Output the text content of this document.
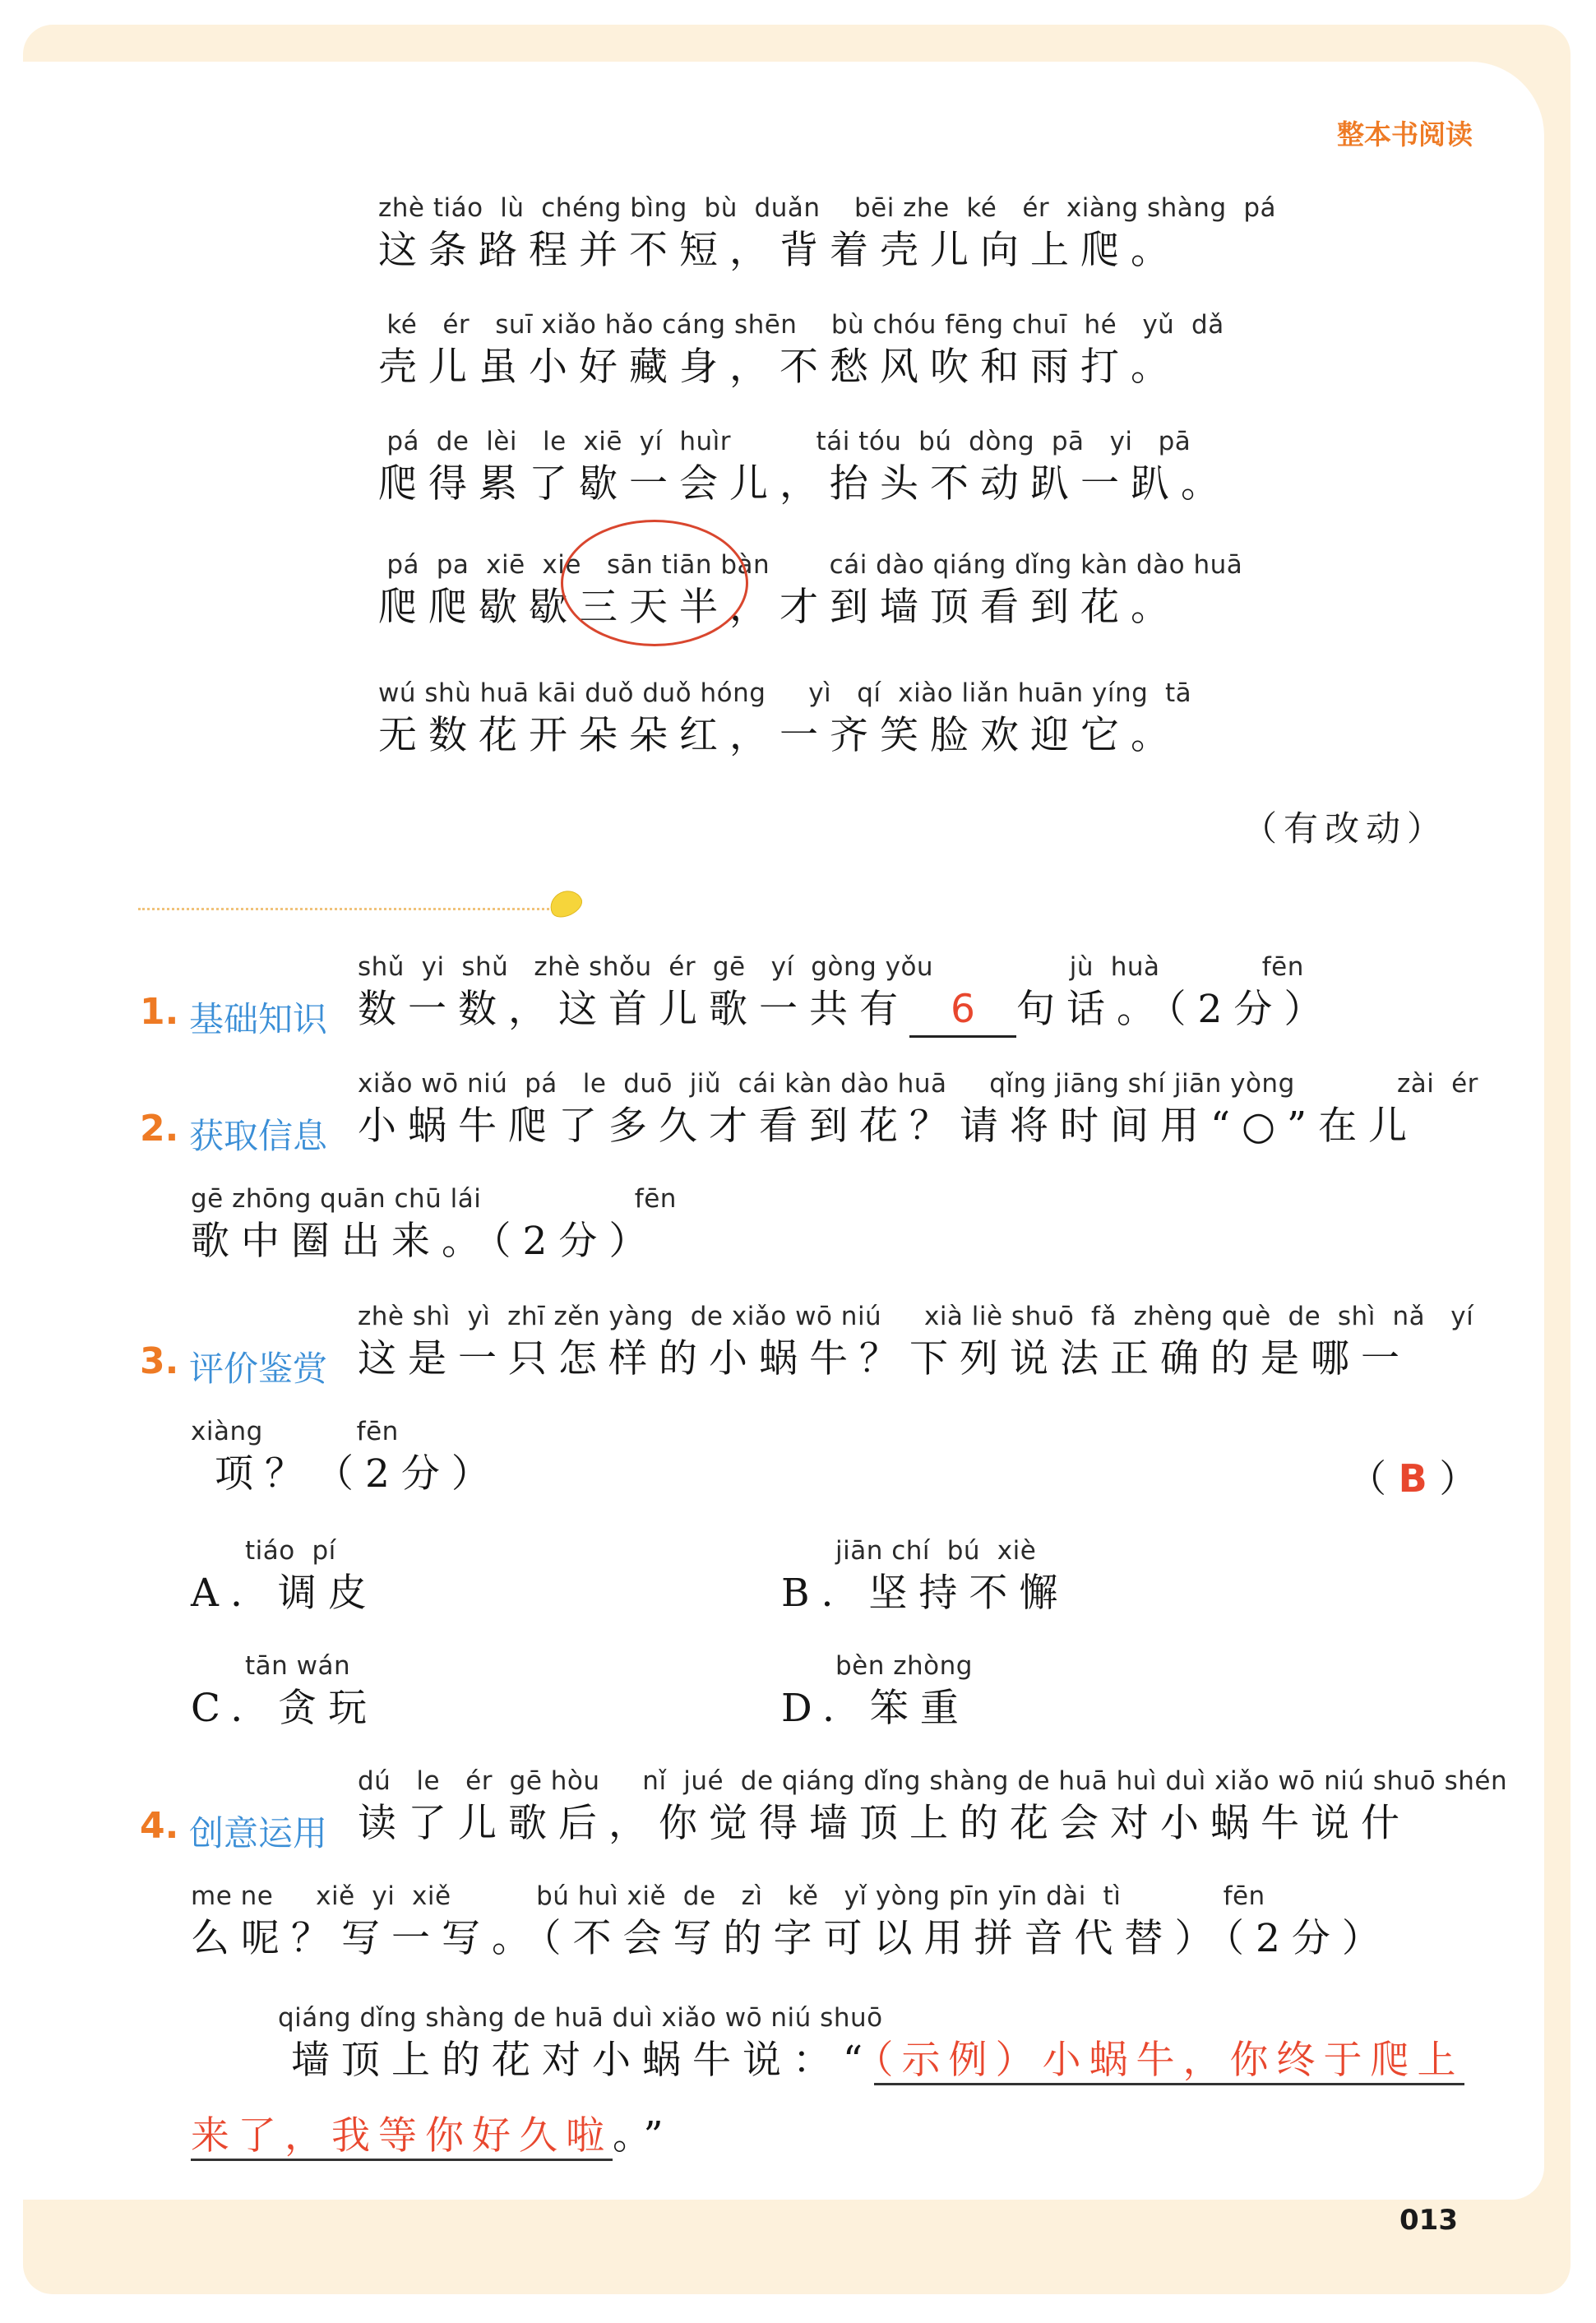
整本书阅读
zhè tiáo  lù  chéng bìng  bù  duǎn    bēi zhe  ké   ér  xiàng shàng  pá
这条路程并不短，背着壳儿向上爬。
ké   ér   suī xiǎo hǎo cáng shēn    bù chóu fēng chuī  hé   yǔ  dǎ
壳儿虽小好藏身，不愁风吹和雨打。
pá  de  lèi   le  xiē  yí  huìr          tái tóu  bú  dòng  pā   yi   pā
爬得累了歇一会儿，抬头不动趴一趴。
pá  pa  xiē  xie   sān tiān bàn       cái dào qiáng dǐng kàn dào huā
爬爬歇歇
三天半，才到墙顶看到花。
wú shù huā kāi duǒ duǒ hóng     yì   qí  xiào liǎn huān yíng  tā
无数花开朵朵红，一齐笑脸欢迎它。
（有改动）
1. 基础知识
shǔ  yi  shǔ   zhè shǒu  ér  gē   yí  gòng yǒu                jù  huà            fēn
数一数，这首儿歌一共有 6 句话。（2分）
2. 获取信息
xiǎo wō niú  pá   le  duō  jiǔ  cái kàn dào huā     qǐng jiāng shí jiān yòng            zài  ér
小蜗牛爬了多久才看到花？请将时间用“○”在儿
gē zhōng quān chū lái                  fēn
歌中圈出来。（2分）
3. 评价鉴赏
zhè shì  yì  zhī zěn yàng  de xiǎo wō niú     xià liè shuō  fǎ  zhèng què  de  shì  nǎ   yí
这是一只怎样的小蜗牛？下列说法正确的是哪一
xiàng           fēn
项？（2分）	（ B ）
tiáo  pí
A. 调皮
jiān chí  bú  xiè
B. 坚持不懈
tān wán
C. 贪玩
bèn zhòng
D. 笨重
4. 创意运用
dú   le   ér  gē hòu     nǐ  jué  de qiáng dǐng shàng de huā huì duì xiǎo wō niú shuō shén
读了儿歌后，你觉得墙顶上的花会对小蜗牛说什
me ne     xiě  yi  xiě          bú huì xiě  de   zì   kě   yǐ yòng pīn yīn dài  tì            fēn
么呢？写一写。（不会写的字可以用拼音代替）（2分）
qiáng dǐng shàng de huā duì xiǎo wō niú shuō
墙顶上的花对小蜗牛说：“（示例）小蜗牛，你终于爬上
来了，我等你好久啦。”
013
